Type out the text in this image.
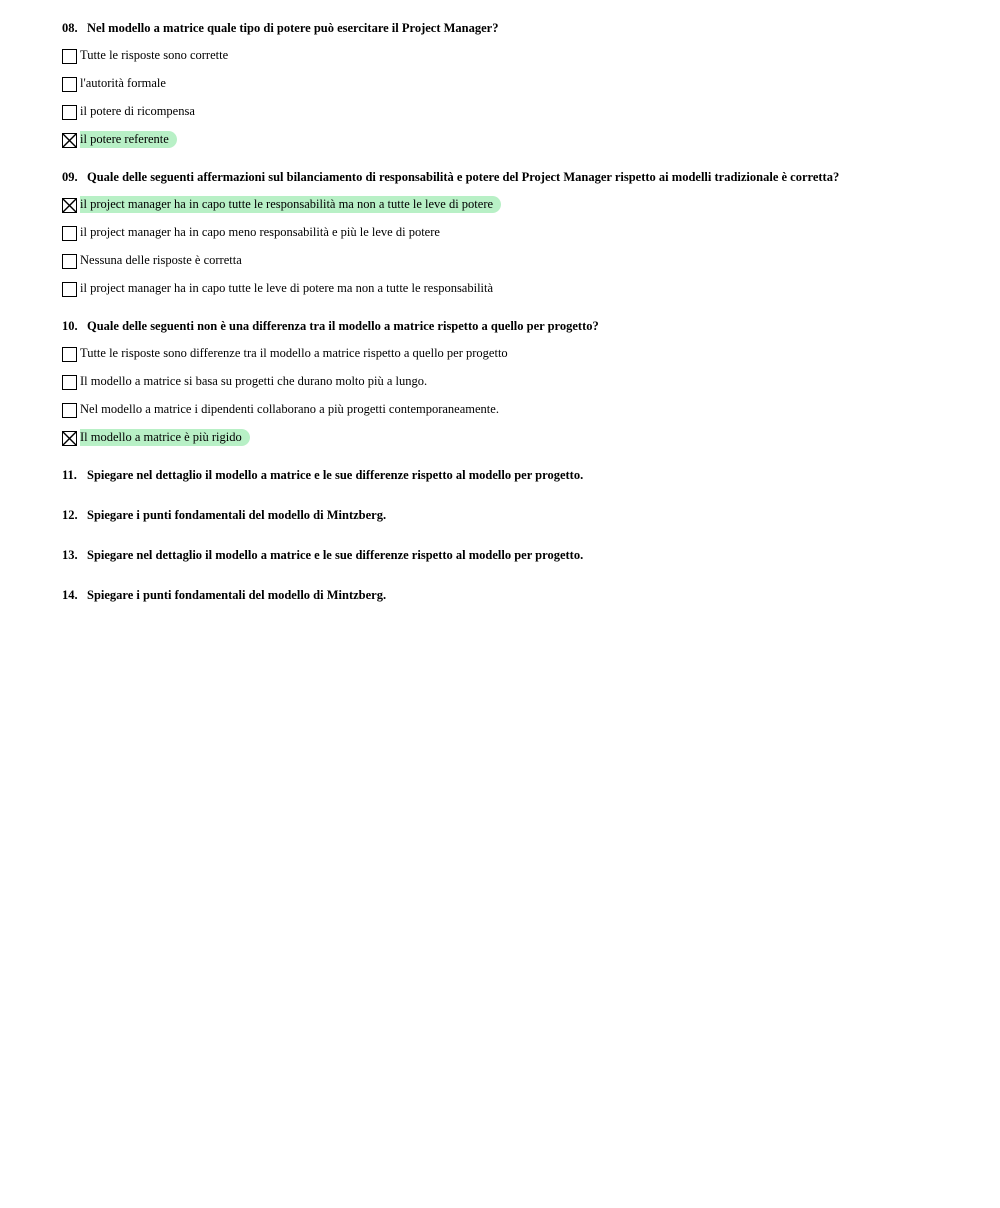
08. Nel modello a matrice quale tipo di potere può esercitare il Project Manager?
Tutte le risposte sono corrette
l'autorità formale
il potere di ricompensa
il potere referente
09. Quale delle seguenti affermazioni sul bilanciamento di responsabilità e potere del Project Manager rispetto ai modelli tradizionale è corretta?
il project manager ha in capo tutte le responsabilità ma non a tutte le leve di potere
il project manager ha in capo meno responsabilità e più le leve di potere
Nessuna delle risposte è corretta
il project manager ha in capo tutte le leve di potere ma non a tutte le responsabilità
10. Quale delle seguenti non è una differenza tra il modello a matrice rispetto a quello per progetto?
Tutte le risposte sono differenze tra il modello a matrice rispetto a quello per progetto
Il modello a matrice si basa su progetti che durano molto più a lungo.
Nel modello a matrice i dipendenti collaborano a più progetti contemporaneamente.
Il modello a matrice è più rigido
11. Spiegare nel dettaglio il modello a matrice e le sue differenze rispetto al modello per progetto.
12. Spiegare i punti fondamentali del modello di Mintzberg.
13. Spiegare nel dettaglio il modello a matrice e le sue differenze rispetto al modello per progetto.
14. Spiegare i punti fondamentali del modello di Mintzberg.
